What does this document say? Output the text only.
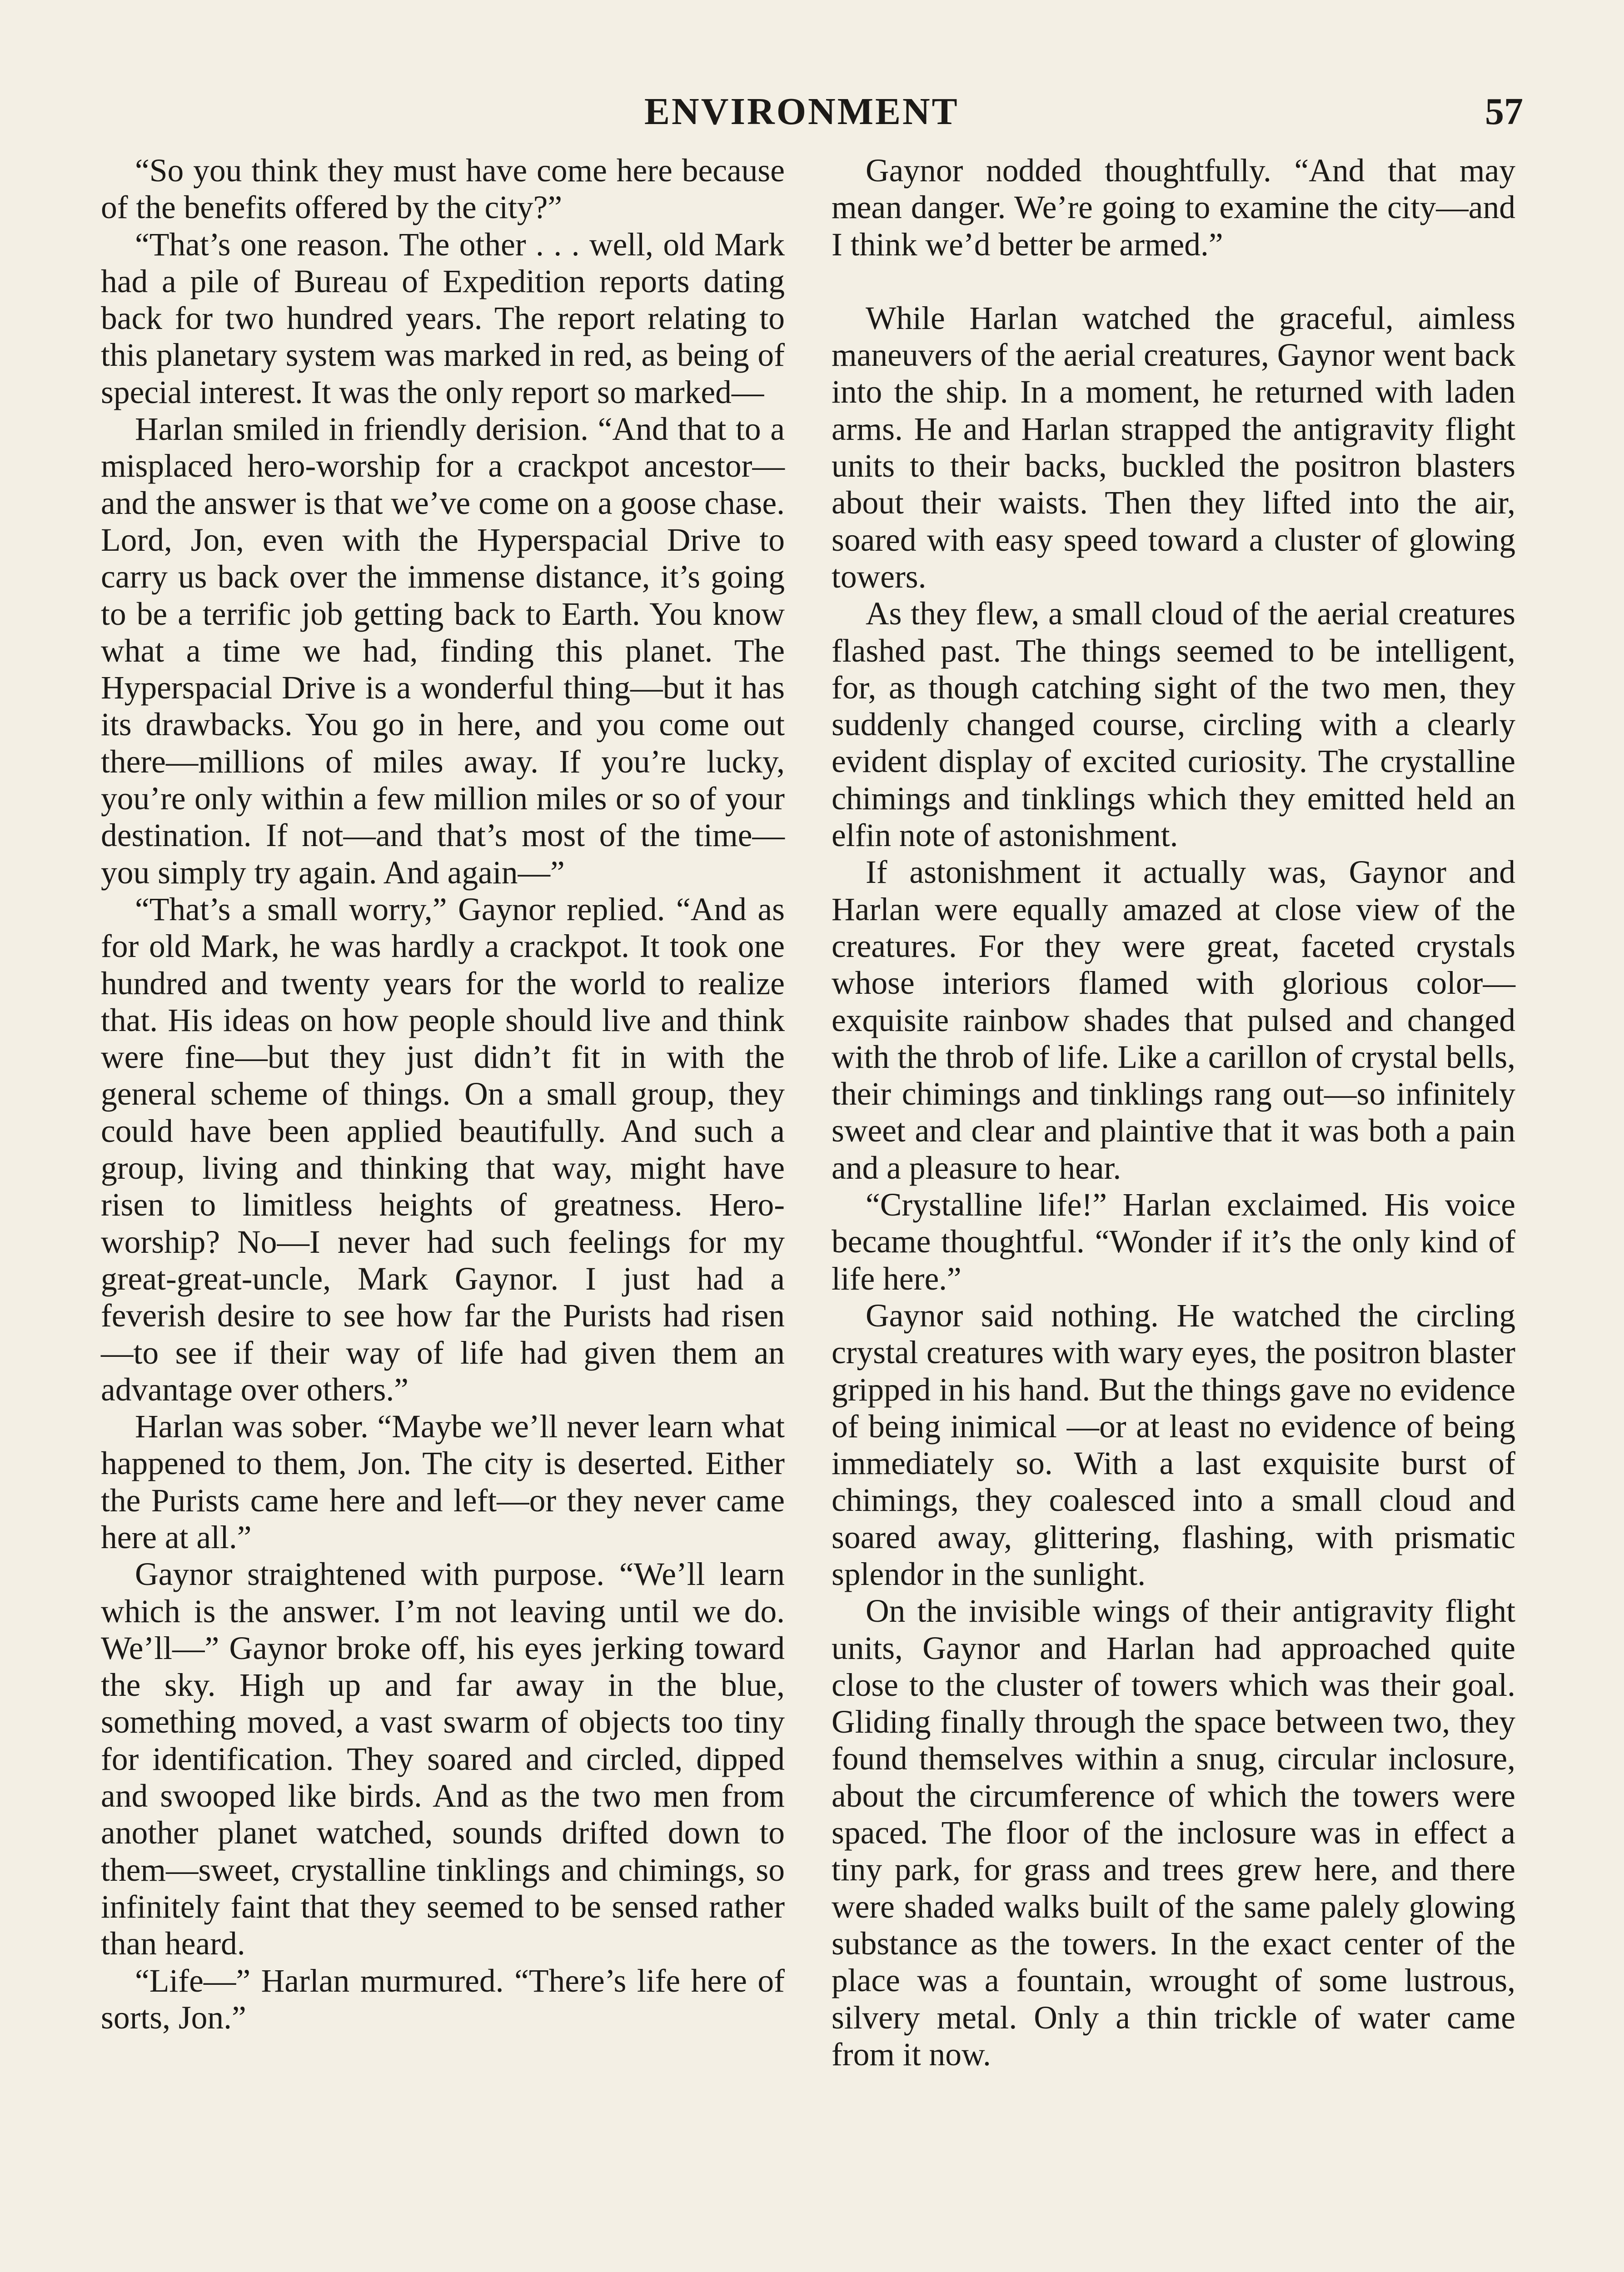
ENVIRONMENT	57

“So you think they must have come here because of the benefits offered by the city?”

“That’s one reason. The other . . . well, old Mark had a pile of Bureau of Expedition reports dating back for two hundred years. The report relating to this planetary system was marked in red, as being of special interest. It was the only report so marked—

Harlan smiled in friendly derision. “And that to a misplaced hero-worship for a crackpot ancestor—and the answer is that we’ve come on a goose chase. Lord, Jon, even with the Hyperspacial Drive to carry us back over the immense distance, it’s going to be a terrific job getting back to Earth. You know what a time we had, finding this planet. The Hyperspacial Drive is a wonderful thing—but it has its drawbacks. You go in here, and you come out there—millions of miles away. If you’re lucky, you’re only within a few million miles or so of your destination. If not—and that’s most of the time—you simply try again. And again—”

“That’s a small worry,” Gaynor replied. “And as for old Mark, he was hardly a crackpot. It took one hundred and twenty years for the world to realize that. His ideas on how people should live and think were fine—but they just didn’t fit in with the general scheme of things. On a small group, they could have been applied beautifully. And such a group, living and thinking that way, might have risen to limitless heights of greatness. Hero-worship? No—I never had such feelings for my great-great-uncle, Mark Gaynor. I just had a feverish desire to see how far the Purists had risen—to see if their way of life had given them an advantage over others.”

Harlan was sober. “Maybe we’ll never learn what happened to them, Jon. The city is deserted. Either the Purists came here and left—or they never came here at all.”

Gaynor straightened with purpose. “We’ll learn which is the answer. I’m not leaving until we do. We’ll—” Gaynor broke off, his eyes jerking toward the sky. High up and far away in the blue, something moved, a vast swarm of objects too tiny for identification. They soared and circled, dipped and swooped like birds. And as the two men from another planet watched, sounds drifted down to them—sweet, crystalline tinklings and chimings, so infinitely faint that they seemed to be sensed rather than heard.

“Life—” Harlan murmured. “There’s life here of sorts, Jon.”

Gaynor nodded thoughtfully. “And that may mean danger. We’re going to examine the city—and I think we’d better be armed.”

While Harlan watched the graceful, aimless maneuvers of the aerial creatures, Gaynor went back into the ship. In a moment, he returned with laden arms. He and Harlan strapped the antigravity flight units to their backs, buckled the positron blasters about their waists. Then they lifted into the air, soared with easy speed toward a cluster of glowing towers.

As they flew, a small cloud of the aerial creatures flashed past. The things seemed to be intelligent, for, as though catching sight of the two men, they suddenly changed course, circling with a clearly evident display of excited curiosity. The crystalline chimings and tinklings which they emitted held an elfin note of astonishment.

If astonishment it actually was, Gaynor and Harlan were equally amazed at close view of the creatures. For they were great, faceted crystals whose interiors flamed with glorious color—exquisite rainbow shades that pulsed and changed with the throb of life. Like a carillon of crystal bells, their chimings and tinklings rang out—so infinitely sweet and clear and plaintive that it was both a pain and a pleasure to hear.

“Crystalline life!” Harlan exclaimed. His voice became thoughtful. “Wonder if it’s the only kind of life here.”

Gaynor said nothing. He watched the circling crystal creatures with wary eyes, the positron blaster gripped in his hand. But the things gave no evidence of being inimical —or at least no evidence of being immediately so. With a last exquisite burst of chimings, they coalesced into a small cloud and soared away, glittering, flashing, with prismatic splendor in the sunlight.

On the invisible wings of their antigravity flight units, Gaynor and Harlan had approached quite close to the cluster of towers which was their goal. Gliding finally through the space between two, they found themselves within a snug, circular inclosure, about the circumference of which the towers were spaced. The floor of the inclosure was in effect a tiny park, for grass and trees grew here, and there were shaded walks built of the same palely glowing substance as the towers. In the exact center of the place was a fountain, wrought of some lustrous, silvery metal. Only a thin trickle of water came from it now.
